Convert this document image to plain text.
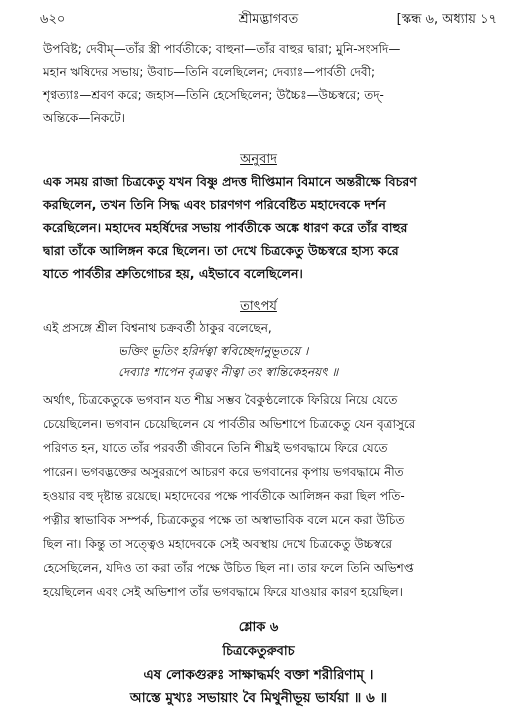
৬২০	শ্রীমদ্ভাগবত	[স্কন্ধ ৬, অধ্যায় ১৭

উপবিষ্ট; দেবীম্—তাঁর স্ত্রী পার্বতীকে; বাহুনা—তাঁর বাহুর দ্বারা; মুনি-সংসদি—

মহান ঋষিদের সভায়; উবাচ—তিনি বলেছিলেন; দেব্যাঃ—পার্বতী দেবী;

শৃণ্বত্যাঃ—শ্রবণ করে; জহাস—তিনি হেসেছিলেন; উচ্চৈঃ—উচ্চস্বরে; তদ্-

অন্তিকে—নিকটে।

অনুবাদ

এক সময় রাজা চিত্রকেতু যখন বিষ্ণু প্রদত্ত দীপ্তিমান বিমানে অন্তরীক্ষে বিচরণ

করছিলেন, তখন তিনি সিদ্ধ এবং চারণগণ পরিবেষ্টিত মহাদেবকে দর্শন

করেছিলেন। মহাদেব মহর্ষিদের সভায় পার্বতীকে অঙ্কে ধারণ করে তাঁর বাহুর

দ্বারা তাঁকে আলিঙ্গন করে ছিলেন। তা দেখে চিত্রকেতু উচ্চস্বরে হাস্য করে

যাতে পার্বতীর শ্রুতিগোচর হয়, এইভাবে বলেছিলেন।

তাৎপর্য

এই প্রসঙ্গে শ্রীল বিশ্বনাথ চক্রবর্তী ঠাকুর বলেছেন,

ভক্তিং ভূতিং হরির্দত্বা স্ববিচ্ছেদানুভূতয়ে ।

দেব্যাঃ শাপেন বৃত্রত্বং নীত্বা তং স্বান্তিকেহনয়ৎ ॥

অর্থাৎ, চিত্রকেতুকে ভগবান যত শীঘ্র সম্ভব বৈকুণ্ঠলোকে ফিরিয়ে নিয়ে যেতে

চেয়েছিলেন। ভগবান চেয়েছিলেন যে পার্বতীর অভিশাপে চিত্রকেতু যেন বৃত্রাসুরে

পরিণত হন, যাতে তাঁর পরবর্তী জীবনে তিনি শীঘ্রই ভগবদ্ধামে ফিরে যেতে

পারেন। ভগবদ্ভক্তের অসুররূপে আচরণ করে ভগবানের কৃপায় ভগবদ্ধামে নীত

হওয়ার বহু দৃষ্টান্ত রয়েছে। মহাদেবের পক্ষে পার্বতীকে আলিঙ্গন করা ছিল পতি-

পত্নীর স্বাভাবিক সম্পর্ক, চিত্রকেতুর পক্ষে তা অস্বাভাবিক বলে মনে করা উচিত

ছিল না। কিন্তু তা সত্ত্বেও মহাদেবকে সেই অবস্থায় দেখে চিত্রকেতু উচ্চস্বরে

হেসেছিলেন, যদিও তা করা তাঁর পক্ষে উচিত ছিল না। তার ফলে তিনি অভিশপ্ত

হয়েছিলেন এবং সেই অভিশাপ তাঁর ভগবদ্ধামে ফিরে যাওয়ার কারণ হয়েছিল।

শ্লোক ৬
চিত্রকেতুরুবাচ
এষ লোকগুরুঃ সাক্ষাদ্ধর্মং বক্তা শরীরিণাম্ ।
আস্তে মুখ্যঃ সভায়াং বৈ মিথুনীভূয় ভার্যয়া ॥ ৬ ॥
